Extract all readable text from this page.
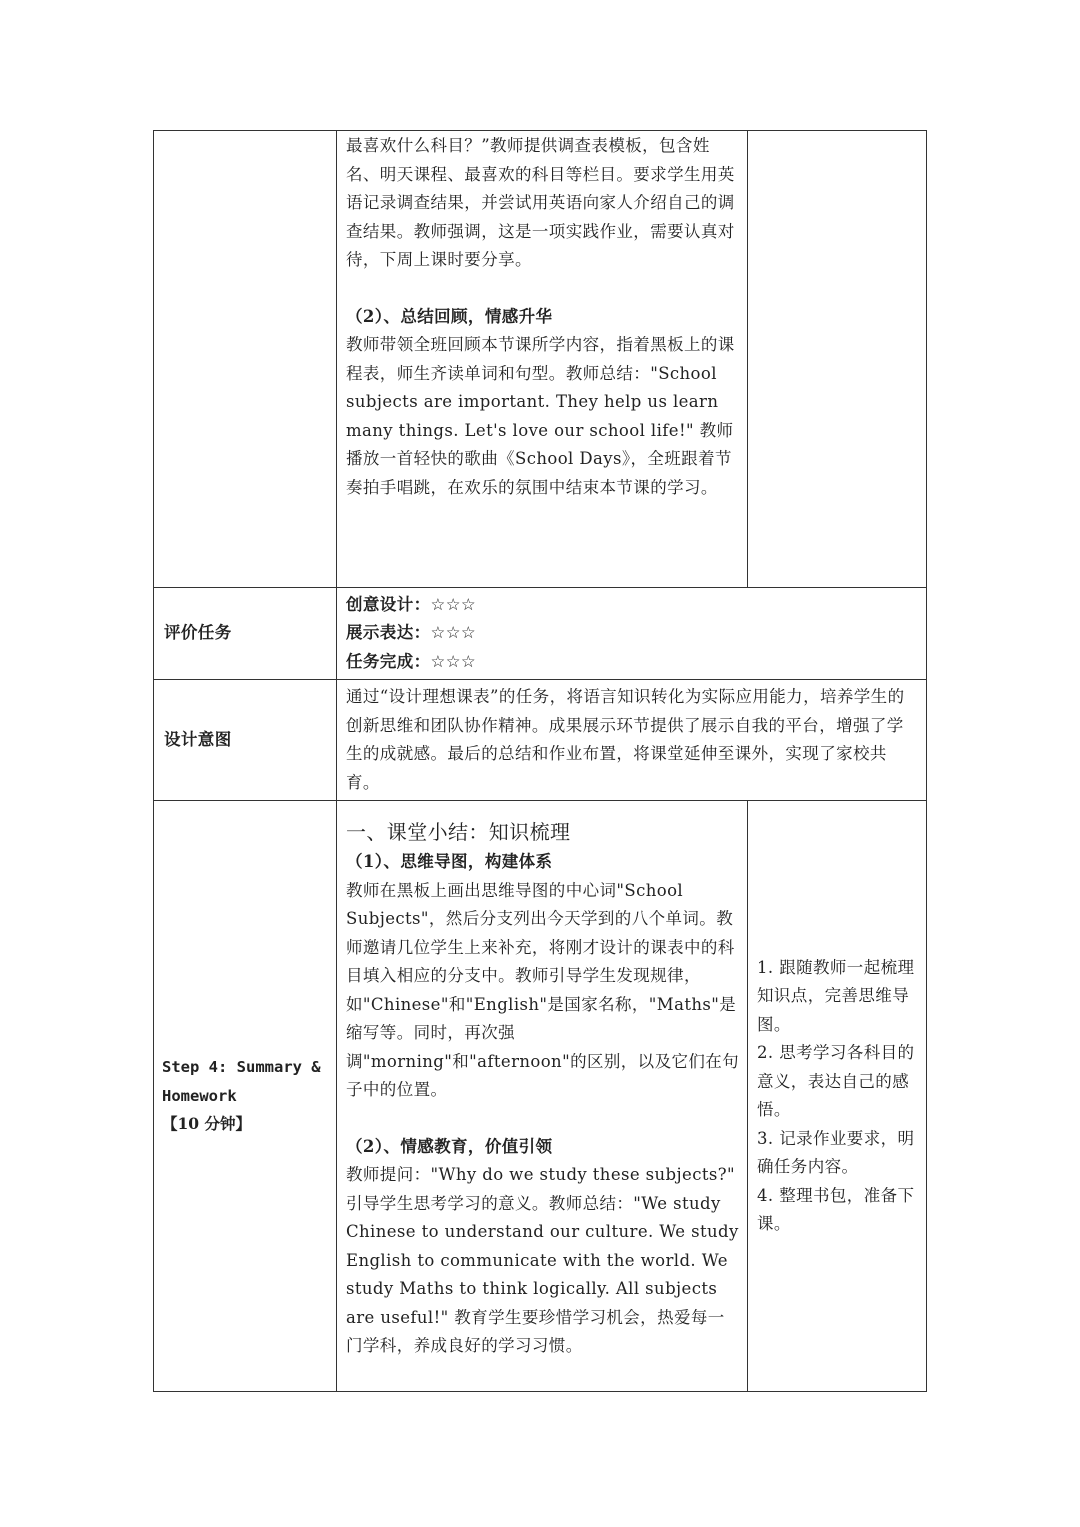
最喜欢什么科目？”教师提供调查表模板，包含姓名、明天课程、最喜欢的科目等栏目。要求学生用英语记录调查结果，并尝试用英语向家人介绍自己的调查结果。教师强调，这是一项实践作业，需要认真对待，下周上课时要分享。

（2）、总结回顾，情感升华

教师带领全班回顾本节课所学内容，指着黑板上的课程表，师生齐读单词和句型。教师总结："School subjects are important. They help us learn many things. Let's love our school life!" 教师播放一首轻快的歌曲《School Days》，全班跟着节奏拍手唱跳，在欢乐的氛围中结束本节课的学习。

评价任务
创意设计：☆☆☆
展示表达：☆☆☆
任务完成：☆☆☆
设计意图

通过“设计理想课表”的任务，将语言知识转化为实际应用能力，培养学生的创新思维和团队协作精神。成果展示环节提供了展示自我的平台，增强了学生的成就感。最后的总结和作业布置，将课堂延伸至课外，实现了家校共育。

Step 4: Summary &
Homework
【10 分钟】

一、课堂小结：知识梳理

（1）、思维导图，构建体系

教师在黑板上画出思维导图的中心词"School Subjects"，然后分支列出今天学到的八个单词。教师邀请几位学生上来补充，将刚才设计的课表中的科目填入相应的分支中。教师引导学生发现规律，如"Chinese"和"English"是国家名称，"Maths"是缩写等。同时，再次强调"morning"和"afternoon"的区别，以及它们在句子中的位置。

（2）、情感教育，价值引领

教师提问："Why do we study these subjects?" 引导学生思考学习的意义。教师总结："We study Chinese to understand our culture. We study English to communicate with the world. We study Maths to think logically. All subjects are useful!" 教育学生要珍惜学习机会，热爱每一门学科，养成良好的学习习惯。

1. 跟随教师一起梳理知识点，完善思维导图。

2. 思考学习各科目的意义，表达自己的感悟。

3. 记录作业要求，明确任务内容。

4. 整理书包，准备下课。
